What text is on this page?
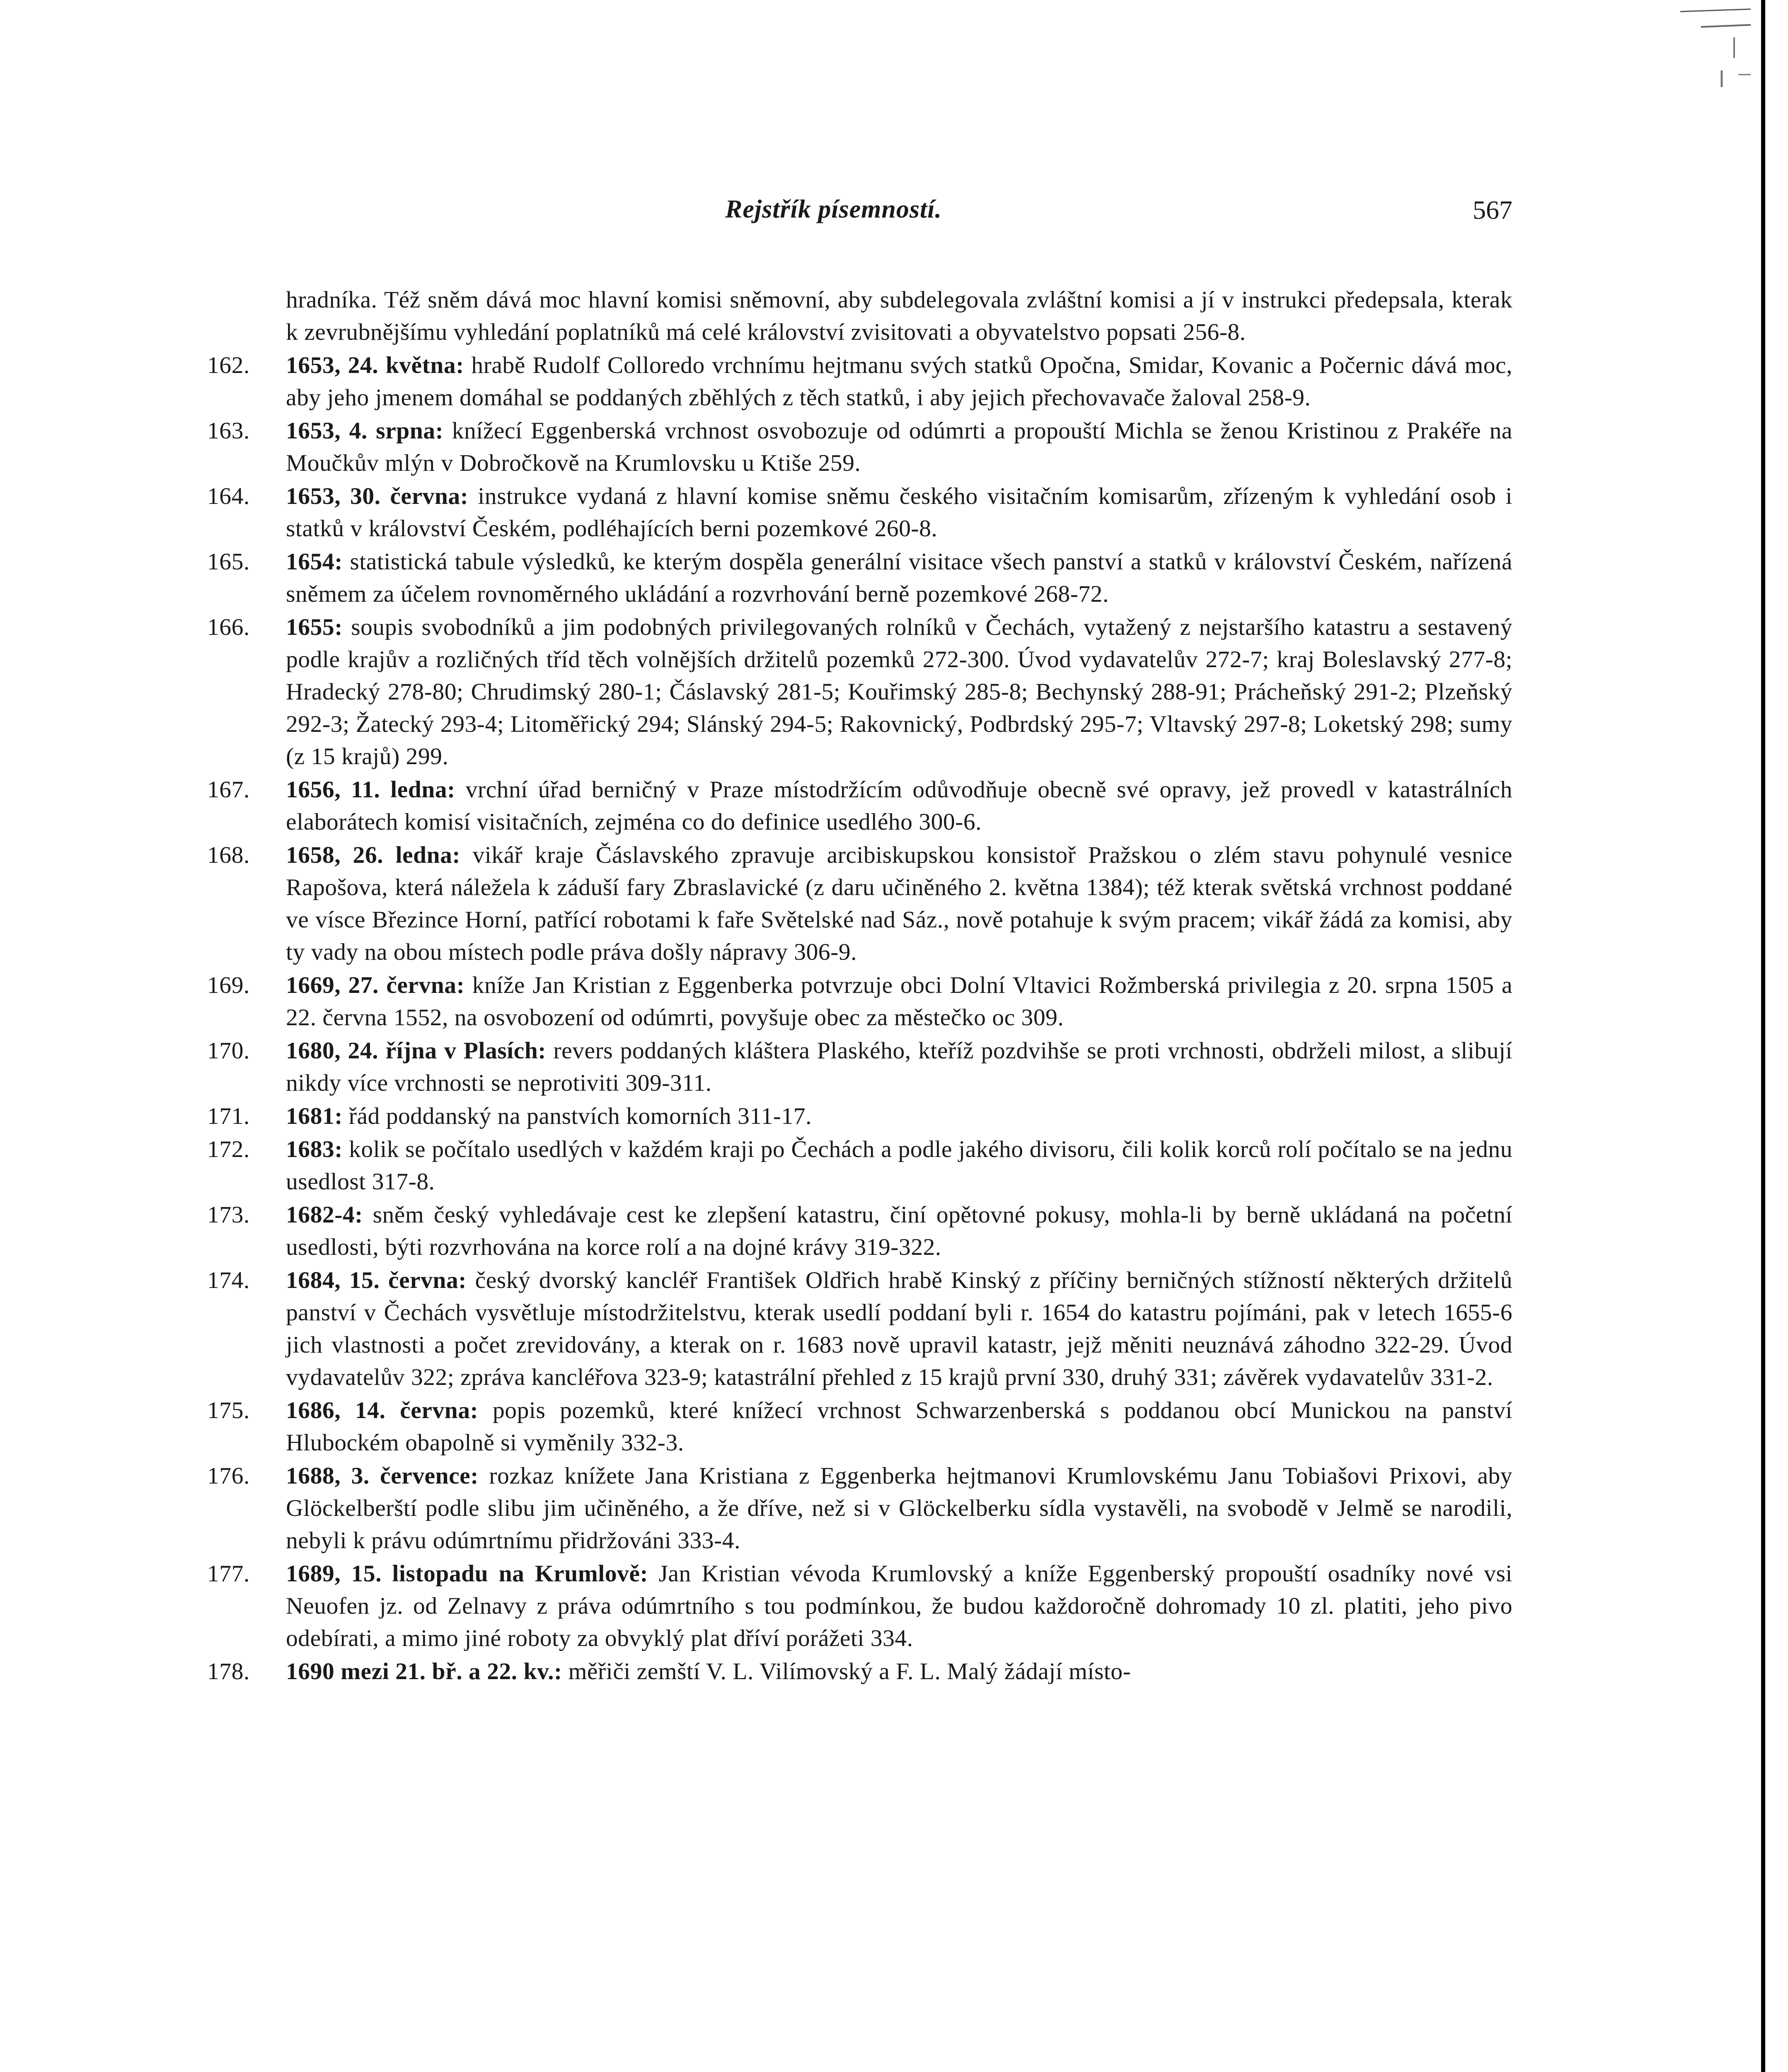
Rejstřík písemností.	567
hradníka. Též sněm dává moc hlavní komisi sněmovní, aby subdelegovala zvláštní komisi a jí v instrukci předepsala, kterak k zevrubnějšímu vyhledání poplatníků má celé království zvisitovati a obyvatelstvo popsati 256-8.
162.	1653, 24. května: hrabě Rudolf Colloredo vrchnímu hejtmanu svých statků Opočna, Smidar, Kovanic a Počernic dává moc, aby jeho jmenem domáhal se poddaných zběhlých z těch statků, i aby jejich přechovavače žaloval 258-9.
163.	1653, 4. srpna: knížecí Eggenberská vrchnost osvobozuje od odúmrti a propouští Michla se ženou Kristinou z Prakéře na Moučkův mlýn v Dobročkově na Krumlovsku u Ktiše 259.
164.	1653, 30. června: instrukce vydaná z hlavní komise sněmu českého visitačním komisarům, zřízeným k vyhledání osob i statků v království Českém, podléhajících berni pozemkové 260-8.
165.	1654: statistická tabule výsledků, ke kterým dospěla generální visitace všech panství a statků v království Českém, nařízená sněmem za účelem rovnoměrného ukládání a rozvrhování berně pozemkové 268-72.
166.	1655: soupis svobodníků a jim podobných privilegovaných rolníků v Čechách, vytažený z nejstaršího katastru a sestavený podle krajův a rozličných tříd těch volnějších držitelů pozemků 272-300. Úvod vydavatelův 272-7; kraj Boleslavský 277-8; Hradecký 278-80; Chrudimský 280-1; Čáslavský 281-5; Kouřimský 285-8; Bechynský 288-91; Prácheňský 291-2; Plzeňský 292-3; Žatecký 293-4; Litoměřický 294; Slánský 294-5; Rakovnický, Podbrdský 295-7; Vltavský 297-8; Loketský 298; sumy (z 15 krajů) 299.
167.	1656, 11. ledna: vrchní úřad berničný v Praze místodržícím odůvodňuje obecně své opravy, jež provedl v katastrálních elaborátech komisí visitačních, zejména co do definice usedlého 300-6.
168.	1658, 26. ledna: vikář kraje Čáslavského zpravuje arcibiskupskou konsistoř Pražskou o zlém stavu pohynulé vesnice Rapošova, která náležela k záduší fary Zbraslavické (z daru učiněného 2. května 1384); též kterak světská vrchnost poddané ve vísce Březince Horní, patřící robotami k faře Světelské nad Sáz., nově potahuje k svým pracem; vikář žádá za komisi, aby ty vady na obou místech podle práva došly nápravy 306-9.
169.	1669, 27. června: kníže Jan Kristian z Eggenberka potvrzuje obci Dolní Vltavici Rožmberská privilegia z 20. srpna 1505 a 22. června 1552, na osvobození od odúmrti, povyšuje obec za městečko oc 309.
170.	1680, 24. října v Plasích: revers poddaných kláštera Plaského, kteříž pozdvihše se proti vrchnosti, obdrželi milost, a slibují nikdy více vrchnosti se neprotiviti 309-311.
171.	1681: řád poddanský na panstvích komorních 311-17.
172.	1683: kolik se počítalo usedlých v každém kraji po Čechách a podle jakého divisoru, čili kolik korců rolí počítalo se na jednu usedlost 317-8.
173.	1682-4: sněm český vyhledávaje cest ke zlepšení katastru, činí opětovné pokusy, mohla-li by berně ukládaná na početní usedlosti, býti rozvrhována na korce rolí a na dojné krávy 319-322.
174.	1684, 15. června: český dvorský kancléř František Oldřich hrabě Kinský z příčiny berničných stížností některých držitelů panství v Čechách vysvětluje místodržitelstvu, kterak usedlí poddaní byli r. 1654 do katastru pojímáni, pak v letech 1655-6 jich vlastnosti a počet zrevidovány, a kterak on r. 1683 nově upravil katastr, jejž měniti neuznává záhodno 322-29. Úvod vydavatelův 322; zpráva kancléřova 323-9; katastrální přehled z 15 krajů první 330, druhý 331; závěrek vydavatelův 331-2.
175.	1686, 14. června: popis pozemků, které knížecí vrchnost Schwarzenberská s poddanou obcí Munickou na panství Hlubockém obapolně si vyměnily 332-3.
176.	1688, 3. července: rozkaz knížete Jana Kristiana z Eggenberka hejtmanovi Krumlovskému Janu Tobiašovi Prixovi, aby Glöckelberští podle slibu jim učiněného, a že dříve, než si v Glöckelberku sídla vystavěli, na svobodě v Jelmě se narodili, nebyli k právu odúmrtnímu přidržováni 333-4.
177.	1689, 15. listopadu na Krumlově: Jan Kristian vévoda Krumlovský a kníže Eggenberský propouští osadníky nové vsi Neuofen jz. od Zelnavy z práva odúmrtního s tou podmínkou, že budou každoročně dohromady 10 zl. platiti, jeho pivo odebírati, a mimo jiné roboty za obvyklý plat dříví porážeti 334.
178.	1690 mezi 21. bř. a 22. kv.: měřiči zemští V. L. Vilímovský a F. L. Malý žádají místo-
